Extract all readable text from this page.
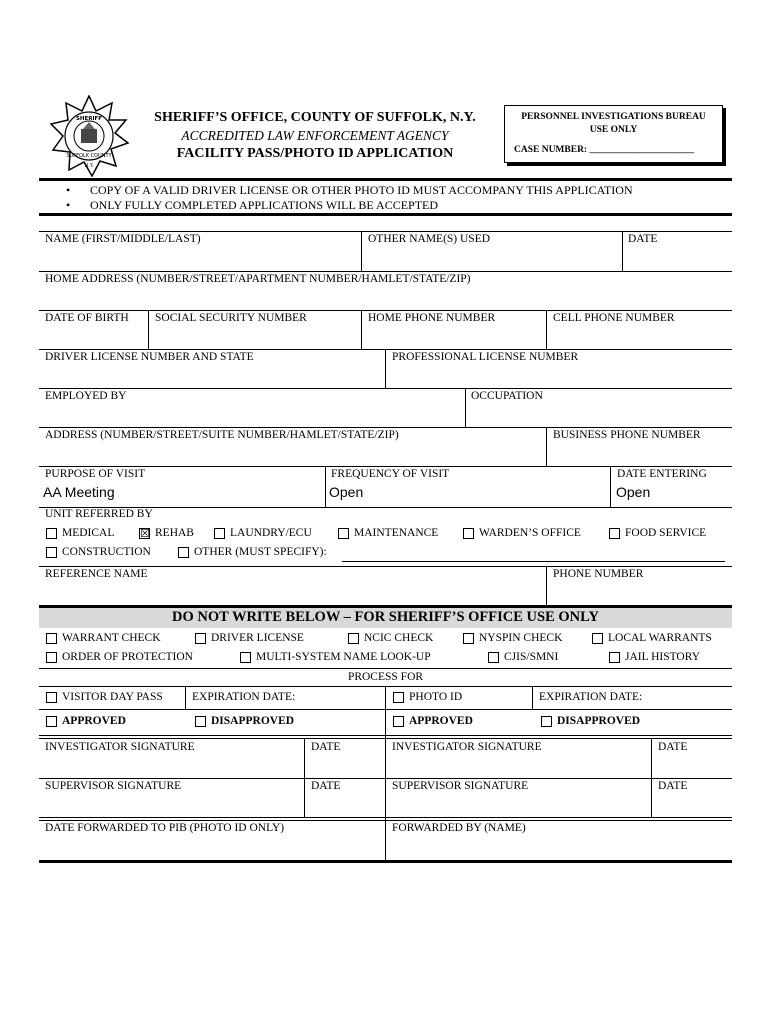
SHERIFF
SUFFOLK COUNTY
N.Y.
SHERIFF’S OFFICE, COUNTY OF SUFFOLK, N.Y.
ACCREDITED LAW ENFORCEMENT AGENCY
FACILITY PASS/PHOTO ID APPLICATION
PERSONNEL INVESTIGATIONS BUREAU
USE ONLY
CASE NUMBER: ______________________
• COPY OF A VALID DRIVER LICENSE OR OTHER PHOTO ID MUST ACCOMPANY THIS APPLICATION
• ONLY FULLY COMPLETED APPLICATIONS WILL BE ACCEPTED
NAME (FIRST/MIDDLE/LAST)	OTHER NAME(S) USED	DATE
HOME ADDRESS (NUMBER/STREET/APARTMENT NUMBER/HAMLET/STATE/ZIP)
DATE OF BIRTH SOCIAL SECURITY NUMBER	HOME PHONE NUMBER	CELL PHONE NUMBER
DRIVER LICENSE NUMBER AND STATE	PROFESSIONAL LICENSE NUMBER
EMPLOYED BY	OCCUPATION
ADDRESS (NUMBER/STREET/SUITE NUMBER/HAMLET/STATE/ZIP)	BUSINESS PHONE NUMBER
PURPOSE OF VISIT
AA Meeting
FREQUENCY OF VISIT
Open
DATE ENTERING
Open
UNIT REFERRED BY
MEDICAL ☒ REHAB	LAUNDRY/ECU	MAINTENANCE	WARDEN’S OFFICE	FOOD SERVICE
CONSTRUCTION	OTHER (MUST SPECIFY):
REFERENCE NAME	PHONE NUMBER
DO NOT WRITE BELOW – FOR SHERIFF’S OFFICE USE ONLY
WARRANT CHECK	DRIVER LICENSE	NCIC CHECK	NYSPIN CHECK	LOCAL WARRANTS
ORDER OF PROTECTION	MULTI-SYSTEM NAME LOOK-UP	CJIS/SMNI	JAIL HISTORY
PROCESS FOR
VISITOR DAY PASS	EXPIRATION DATE:	PHOTO ID	EXPIRATION DATE:
APPROVED	DISAPPROVED	APPROVED	DISAPPROVED
INVESTIGATOR SIGNATURE	DATE	INVESTIGATOR SIGNATURE	DATE
SUPERVISOR SIGNATURE	DATE	SUPERVISOR SIGNATURE	DATE
DATE FORWARDED TO PIB (PHOTO ID ONLY)	FORWARDED BY (NAME)
